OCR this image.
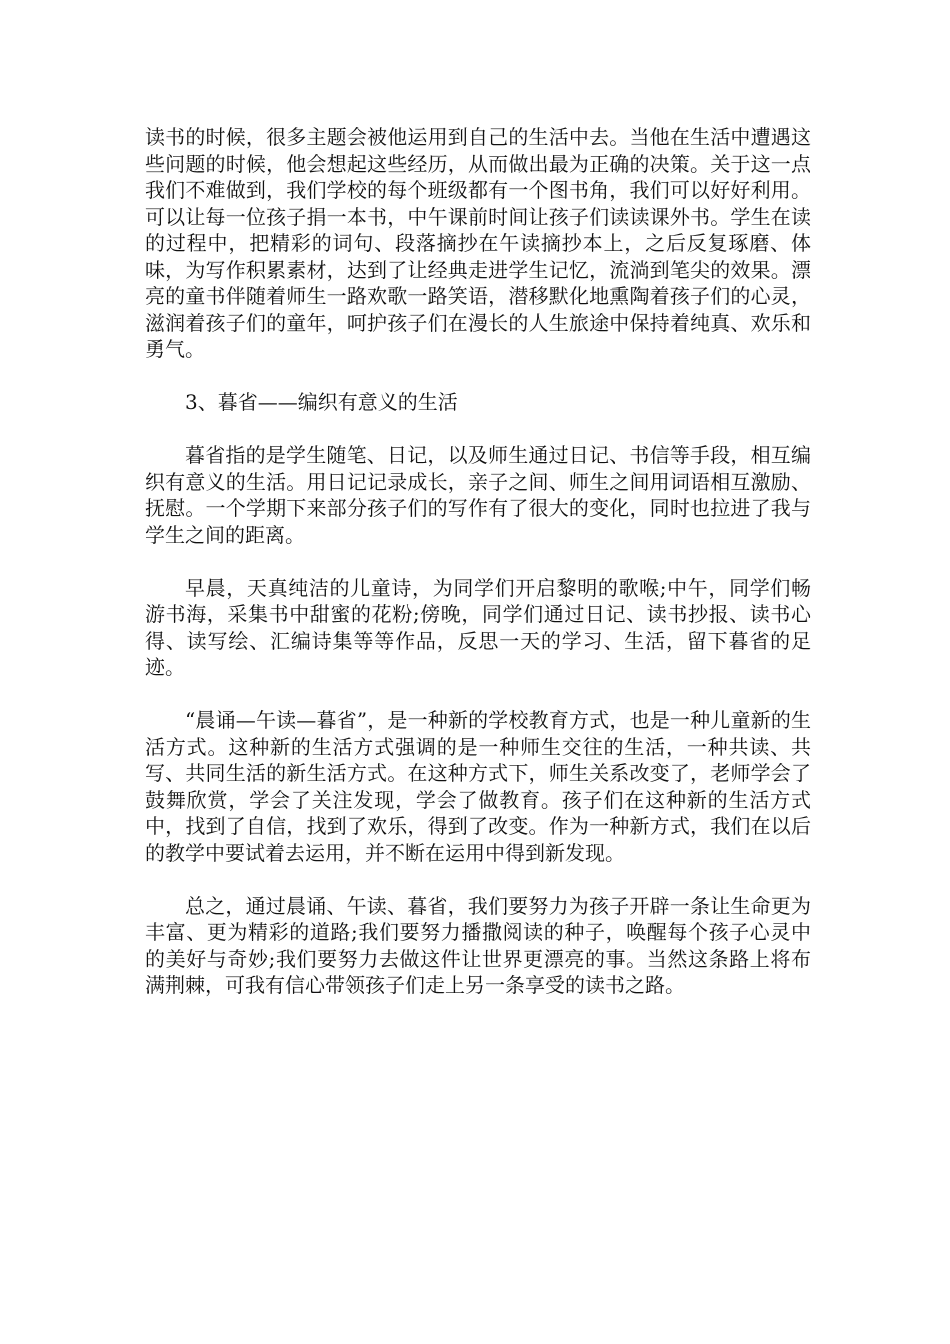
读书的时候，很多主题会被他运用到自己的生活中去。当他在生活中遭遇这些问题的时候，他会想起这些经历，从而做出最为正确的决策。关于这一点我们不难做到，我们学校的每个班级都有一个图书角，我们可以好好利用。可以让每一位孩子捐一本书，中午课前时间让孩子们读读课外书。学生在读的过程中，把精彩的词句、段落摘抄在午读摘抄本上，之后反复琢磨、体味，为写作积累素材，达到了让经典走进学生记忆，流淌到笔尖的效果。漂亮的童书伴随着师生一路欢歌一路笑语，潜移默化地熏陶着孩子们的心灵，滋润着孩子们的童年，呵护孩子们在漫长的人生旅途中保持着纯真、欢乐和勇气。

3、暮省——编织有意义的生活

暮省指的是学生随笔、日记，以及师生通过日记、书信等手段，相互编织有意义的生活。用日记记录成长，亲子之间、师生之间用词语相互激励、抚慰。一个学期下来部分孩子们的写作有了很大的变化，同时也拉进了我与学生之间的距离。

早晨，天真纯洁的儿童诗，为同学们开启黎明的歌喉;中午，同学们畅游书海，采集书中甜蜜的花粉;傍晚，同学们通过日记、读书抄报、读书心得、读写绘、汇编诗集等等作品，反思一天的学习、生活，留下暮省的足迹。

“晨诵—午读—暮省”，是一种新的学校教育方式，也是一种儿童新的生活方式。这种新的生活方式强调的是一种师生交往的生活，一种共读、共写、共同生活的新生活方式。在这种方式下，师生关系改变了，老师学会了鼓舞欣赏，学会了关注发现，学会了做教育。孩子们在这种新的生活方式中，找到了自信，找到了欢乐，得到了改变。作为一种新方式，我们在以后的教学中要试着去运用，并不断在运用中得到新发现。

总之，通过晨诵、午读、暮省，我们要努力为孩子开辟一条让生命更为丰富、更为精彩的道路;我们要努力播撒阅读的种子，唤醒每个孩子心灵中的美好与奇妙;我们要努力去做这件让世界更漂亮的事。当然这条路上将布满荆棘，可我有信心带领孩子们走上另一条享受的读书之路。
